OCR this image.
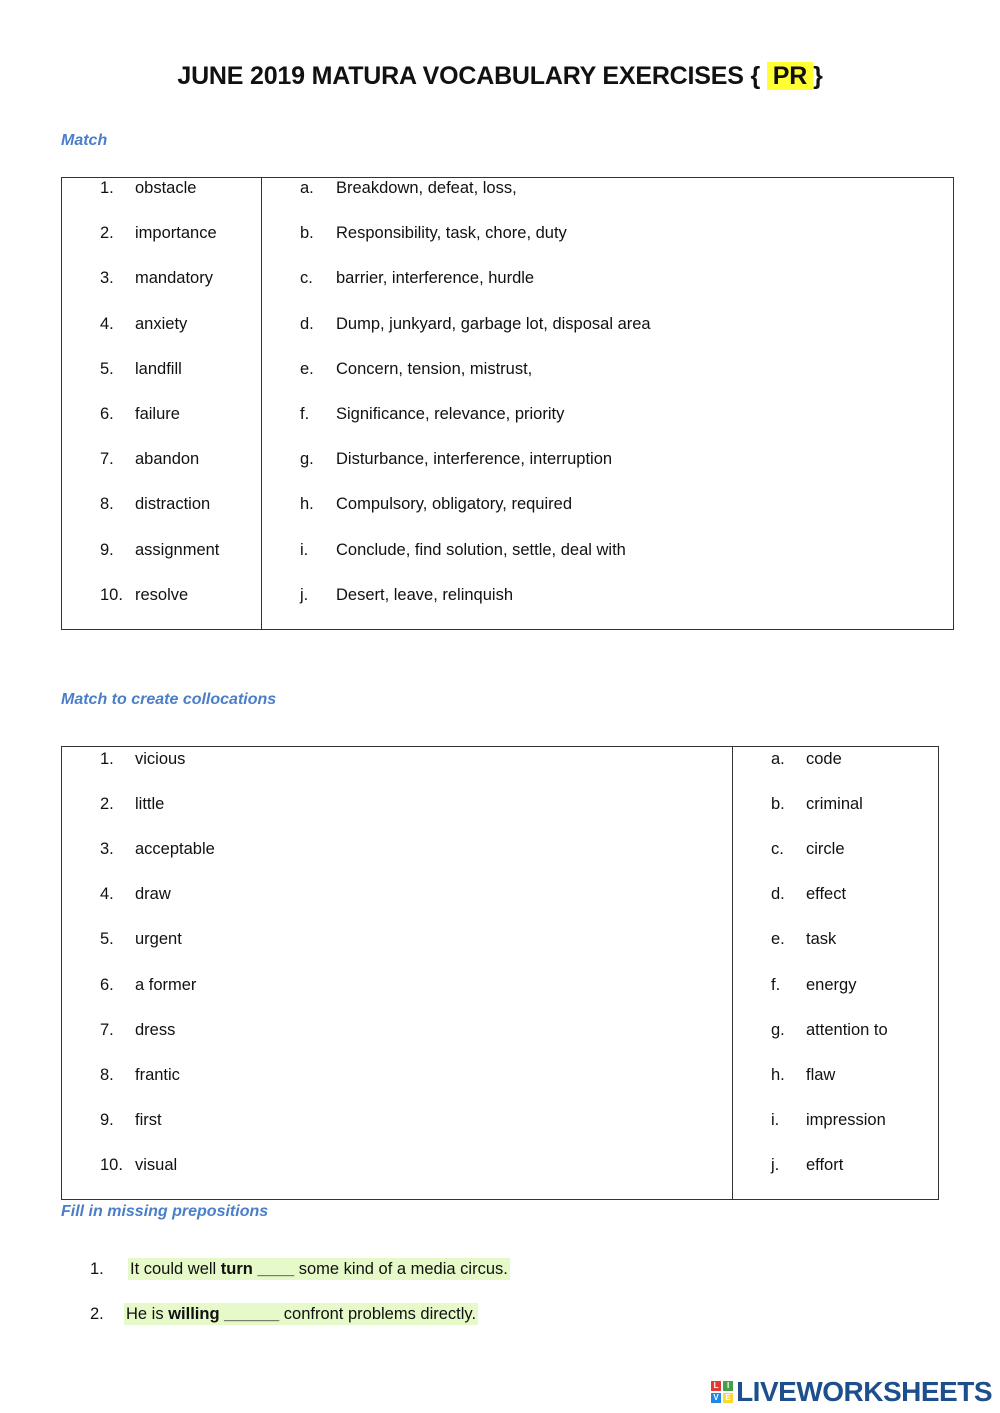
JUNE 2019 MATURA VOCABULARY EXERCISES { PR }
Match
1. obstacle	a. Breakdown, defeat, loss,
2. importance	b. Responsibility, task, chore, duty
3. mandatory	c. barrier, interference, hurdle
4. anxiety	d. Dump, junkyard, garbage lot, disposal area
5. landfill	e. Concern, tension, mistrust,
6. failure	f. Significance, relevance, priority
7. abandon	g. Disturbance, interference, interruption
8. distraction	h. Compulsory, obligatory, required
9. assignment	i. Conclude, find solution, settle, deal with
10. resolve	j. Desert, leave, relinquish
Match to create collocations
1. vicious	a. code
2. little	b. criminal
3. acceptable	c. circle
4. draw	d. effect
5. urgent	e. task
6. a former	f. energy
7. dress	g. attention to
8. frantic	h. flaw
9. first	i. impression
10. visual	j. effort
Fill in missing prepositions
1. It could well turn ____ some kind of a media circus.
2. He is willing ______ confront problems directly.
L	I
V E LIVEWORKSHEETS
